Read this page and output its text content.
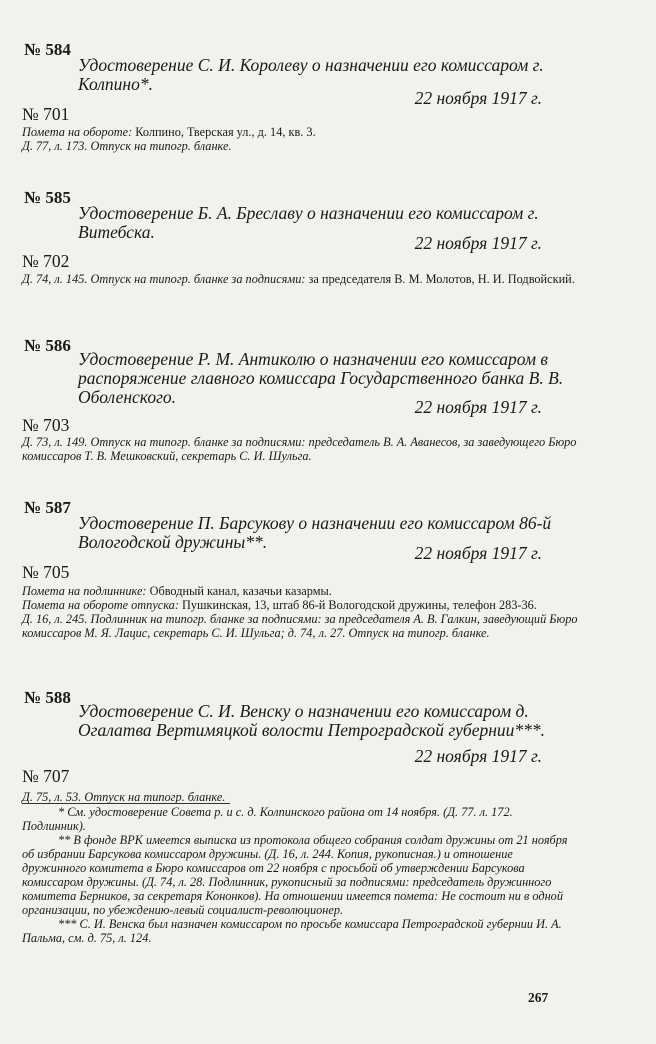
№ 584
Удостоверение С. И. Королеву о назначении его комиссаром г. Колпино*.
22 ноября 1917 г.
№ 701

Помета на обороте: Колпино, Тверская ул., д. 14, кв. 3.

Д. 77, л. 173. Отпуск на типогр. бланке.

№ 585
Удостоверение Б. А. Бреславу о назначении его комиссаром г. Витебска.
22 ноября 1917 г.
№ 702

Д. 74, л. 145. Отпуск на типогр. бланке за подписями: за председателя В. М. Молотов, Н. И. Подвойский.

№ 586
Удостоверение Р. М. Антиколю о назначении его комиссаром в распоряжение главного комиссара Государственного банка В. В. Оболенского.	22 ноября 1917 г.
№ 703

Д. 73, л. 149. Отпуск на типогр. бланке за подписями: председатель В. А. Аванесов, за заведующего Бюро комиссаров Т. В. Мешковский, секретарь С. И. Шульга.

№ 587
Удостоверение П. Барсукову о назначении его комиссаром 86-й Вологодской дружины**.
22 ноября 1917 г.
№ 705

Помета на подлиннике: Обводный канал, казачьи казармы.

Помета на обороте отпуска: Пушкинская, 13, штаб 86-й Вологодской дружины, телефон 283-36.

Д. 16, л. 245. Подлинник на типогр. бланке за подписями: за председателя А. В. Галкин, заведующий Бюро комиссаров М. Я. Лацис, секретарь С. И. Шульга; д. 74, л. 27. Отпуск на типогр. бланке.

№ 588
Удостоверение С. И. Венску о назначении его комиссаром д. Огалатва Вертимяцкой волости Петроградской губернии***.
22 ноября 1917 г.
№ 707

Д. 75, л. 53. Отпуск на типогр. бланке.

* См. удостоверение Совета р. и с. д. Колпинского района от 14 ноября. (Д. 77. л. 172. Подлинник).

** В фонде ВРК имеется выписка из протокола общего собрания солдат дружины от 21 ноября об избрании Барсукова комиссаром дружины. (Д. 16, л. 244. Копия, рукописная.) и отношение дружинного комитета в Бюро комиссаров от 22 ноября с просьбой об утверждении Барсукова комиссаром дружины. (Д. 74, л. 28. Подлинник, рукописный за подписями: председатель дружинного комитета Берников, за секретаря Кононков). На отношении имеется помета: Не состоит ни в одной организации, по убеждению-левый социалист-революционер.

*** С. И. Венска был назначен комиссаром по просьбе комиссара Петроградской губернии И. А. Пальма, см. д. 75, л. 124.

267
